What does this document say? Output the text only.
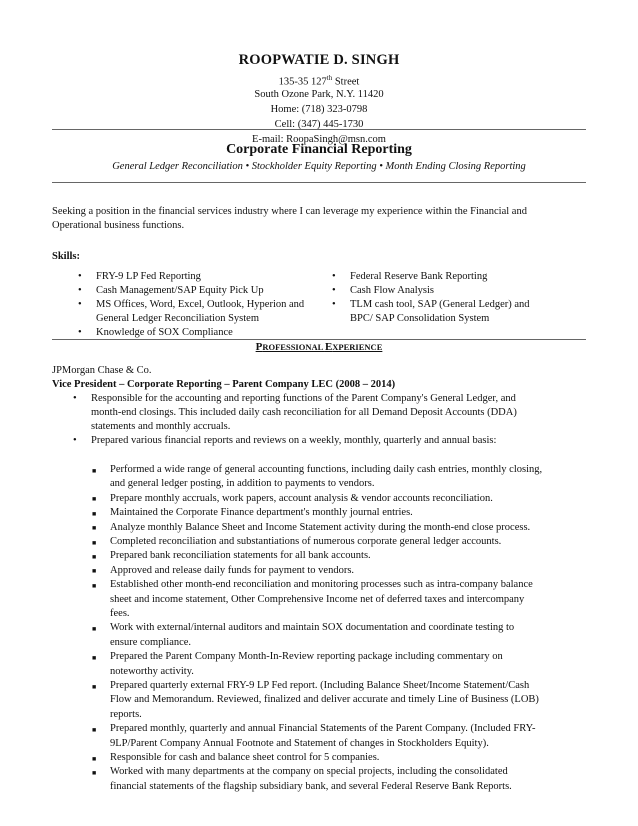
ROOPWATIE D. SINGH
135-35 127th Street
South Ozone Park, N.Y. 11420
Home: (718) 323-0798
Cell: (347) 445-1730
E-mail: RoopaSingh@msn.com
Corporate Financial Reporting
General Ledger Reconciliation • Stockholder Equity Reporting • Month Ending Closing Reporting
Seeking a position in the financial services industry where I can leverage my experience within the Financial and
Operational business functions.
Skills:
• FRY-9 LP Fed Reporting
• Cash Management/SAP Equity Pick Up
• MS Offices, Word, Excel, Outlook, Hyperion and
General Ledger Reconciliation System
• Knowledge of SOX Compliance
• Federal Reserve Bank Reporting
• Cash Flow Analysis
• TLM cash tool, SAP (General Ledger) and
BPC/ SAP Consolidation System
PROFESSIONAL EXPERIENCE
JPMorgan Chase & Co.
Vice President – Corporate Reporting – Parent Company LEC (2008 – 2014)
• Responsible for the accounting and reporting functions of the Parent Company's General Ledger, and
month-end closings. This included daily cash reconciliation for all Demand Deposit Accounts (DDA)
statements and monthly accruals.
• Prepared various financial reports and reviews on a weekly, monthly, quarterly and annual basis:
■ Performed a wide range of general accounting functions, including daily cash entries, monthly closing,
and general ledger posting, in addition to payments to vendors.
■ Prepare monthly accruals, work papers, account analysis & vendor accounts reconciliation.
■ Maintained the Corporate Finance department's monthly journal entries.
■ Analyze monthly Balance Sheet and Income Statement activity during the month-end close process.
■ Completed reconciliation and substantiations of numerous corporate general ledger accounts.
■ Prepared bank reconciliation statements for all bank accounts.
■ Approved and release daily funds for payment to vendors.
■ Established other month-end reconciliation and monitoring processes such as intra-company balance
sheet and income statement, Other Comprehensive Income net of deferred taxes and intercompany
fees.
■ Work with external/internal auditors and maintain SOX documentation and coordinate testing to
ensure compliance.
■ Prepared the Parent Company Month-In-Review reporting package including commentary on
noteworthy activity.
■ Prepared quarterly external FRY-9 LP Fed report. (Including Balance Sheet/Income Statement/Cash
Flow and Memorandum. Reviewed, finalized and deliver accurate and timely Line of Business (LOB)
reports.
■ Prepared monthly, quarterly and annual Financial Statements of the Parent Company. (Included FRY-
9LP/Parent Company Annual Footnote and Statement of changes in Stockholders Equity).
■ Responsible for cash and balance sheet control for 5 companies.
■ Worked with many departments at the company on special projects, including the consolidated
financial statements of the flagship subsidiary bank, and several Federal Reserve Bank Reports.
